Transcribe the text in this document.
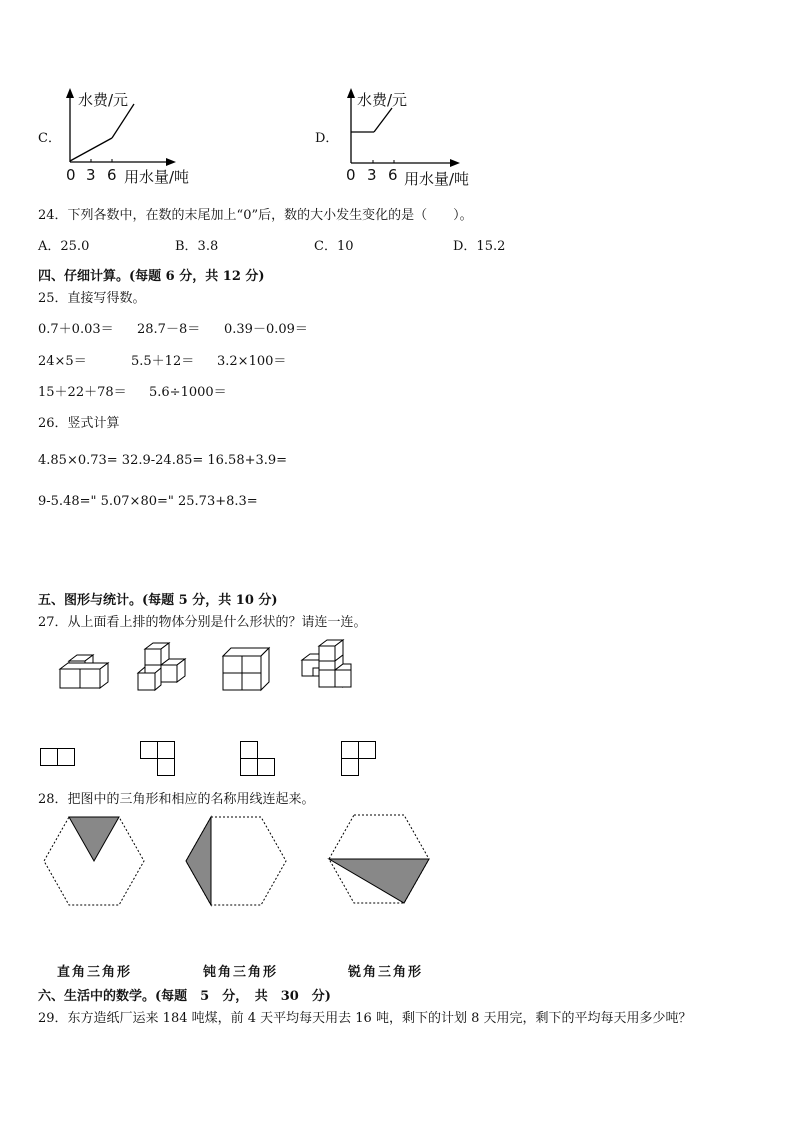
C．
水费/元
0 3 6 用水量/吨
D．
水费/元
0 3 6 用水量/吨
24．下列各数中，在数的末尾加上“0”后，数的大小发生变化的是（　　）。
A．25.0	B．3.8	C．10	D．15.2
四、仔细计算。(每题 6 分，共 12 分)
25．直接写得数。
0.7＋0.03＝ 28.7－8＝ 0.39－0.09＝
24×5＝	5.5＋12＝ 3.2×100＝
15＋22＋78＝ 5.6÷1000＝
26．竖式计算
4.85×0.73= 32.9-24.85= 16.58+3.9=
9-5.48=" 5.07×80=" 25.73+8.3=
五、图形与统计。(每题 5 分，共 10 分)
27．从上面看上排的物体分别是什么形状的？请连一连。
28．把图中的三角形和相应的名称用线连起来。
直角三角形	钝角三角形	锐角三角形
六、生活中的数学。(每题　5　分，　共　30　分)
29．东方造纸厂运来 184 吨煤，前 4 天平均每天用去 16 吨，剩下的计划 8 天用完，剩下的平均每天用多少吨？
